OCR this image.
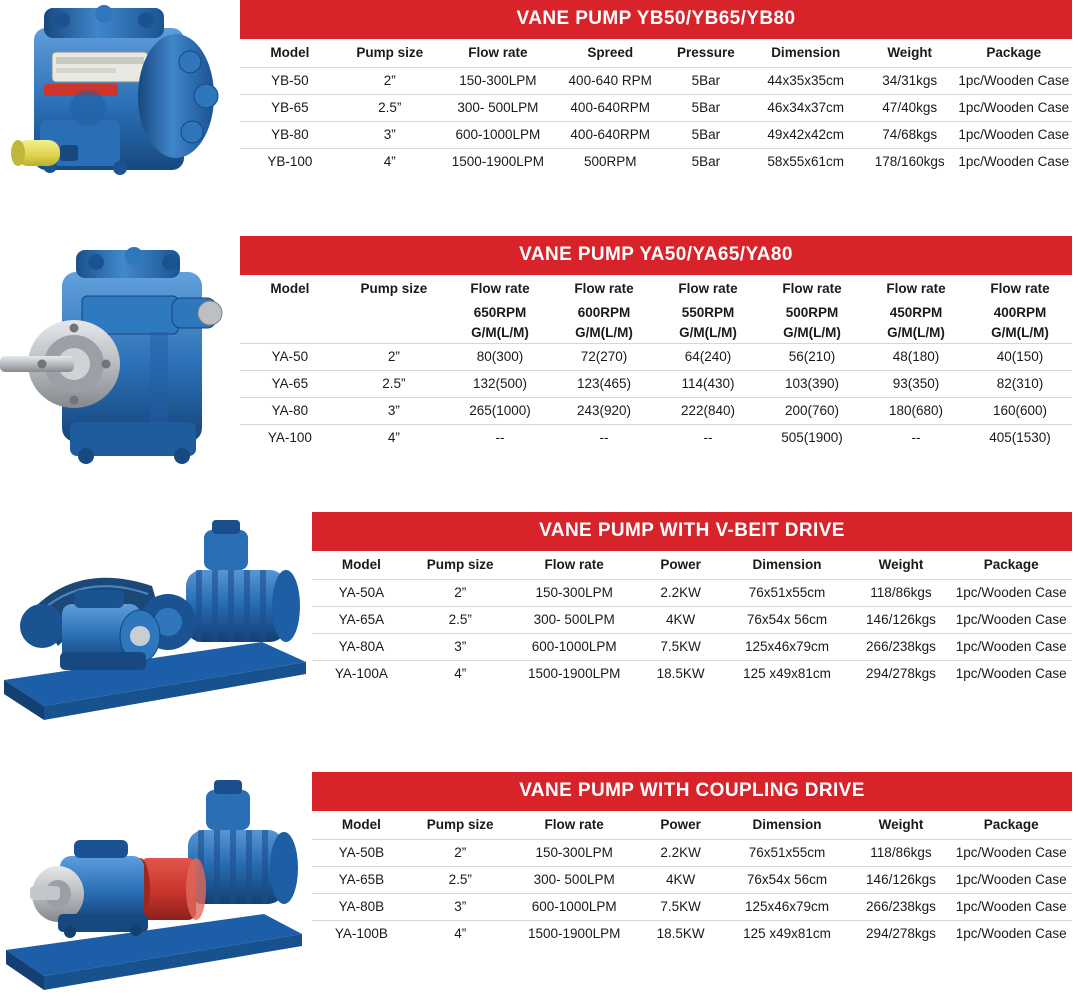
VANE PUMP YB50/YB65/YB80
Model	Pump size	Flow rate	Spreed	Pressure	Dimension	Weight	Package
YB-50	2”	150-300LPM	400-640 RPM	5Bar	44x35x35cm	34/31kgs	1pc/Wooden Case
YB-65	2.5”	300- 500LPM	400-640RPM	5Bar	46x34x37cm	47/40kgs	1pc/Wooden Case
YB-80	3”	600-1000LPM	400-640RPM	5Bar	49x42x42cm	74/68kgs	1pc/Wooden Case
YB-100	4”	1500-1900LPM	500RPM	5Bar	58x55x61cm	178/160kgs	1pc/Wooden Case
VANE PUMP YA50/YA65/YA80
Model	Pump size	Flow rate	Flow rate	Flow rate	Flow rate	Flow rate	Flow rate
		650RPM	600RPM	550RPM	500RPM	450RPM	400RPM
		G/M(L/M)	G/M(L/M)	G/M(L/M)	G/M(L/M)	G/M(L/M)	G/M(L/M)
YA-50	2”	80(300)	72(270)	64(240)	56(210)	48(180)	40(150)
YA-65	2.5”	132(500)	123(465)	114(430)	103(390)	93(350)	82(310)
YA-80	3”	265(1000)	243(920)	222(840)	200(760)	180(680)	160(600)
YA-100	4”	--	--	--	505(1900)	--	405(1530)
VANE PUMP WITH V-BEIT DRIVE
Model	Pump size	Flow rate	Power	Dimension	Weight	Package
YA-50A	2”	150-300LPM	2.2KW	76x51x55cm	118/86kgs	1pc/Wooden Case
YA-65A	2.5”	300- 500LPM	4KW	76x54x 56cm	146/126kgs	1pc/Wooden Case
YA-80A	3”	600-1000LPM	7.5KW	125x46x79cm	266/238kgs	1pc/Wooden Case
YA-100A	4”	1500-1900LPM	18.5KW	125 x49x81cm	294/278kgs	1pc/Wooden Case
VANE PUMP WITH COUPLING DRIVE
Model	Pump size	Flow rate	Power	Dimension	Weight	Package
YA-50B	2”	150-300LPM	2.2KW	76x51x55cm	118/86kgs	1pc/Wooden Case
YA-65B	2.5”	300- 500LPM	4KW	76x54x 56cm	146/126kgs	1pc/Wooden Case
YA-80B	3”	600-1000LPM	7.5KW	125x46x79cm	266/238kgs	1pc/Wooden Case
YA-100B	4”	1500-1900LPM	18.5KW	125 x49x81cm	294/278kgs	1pc/Wooden Case
